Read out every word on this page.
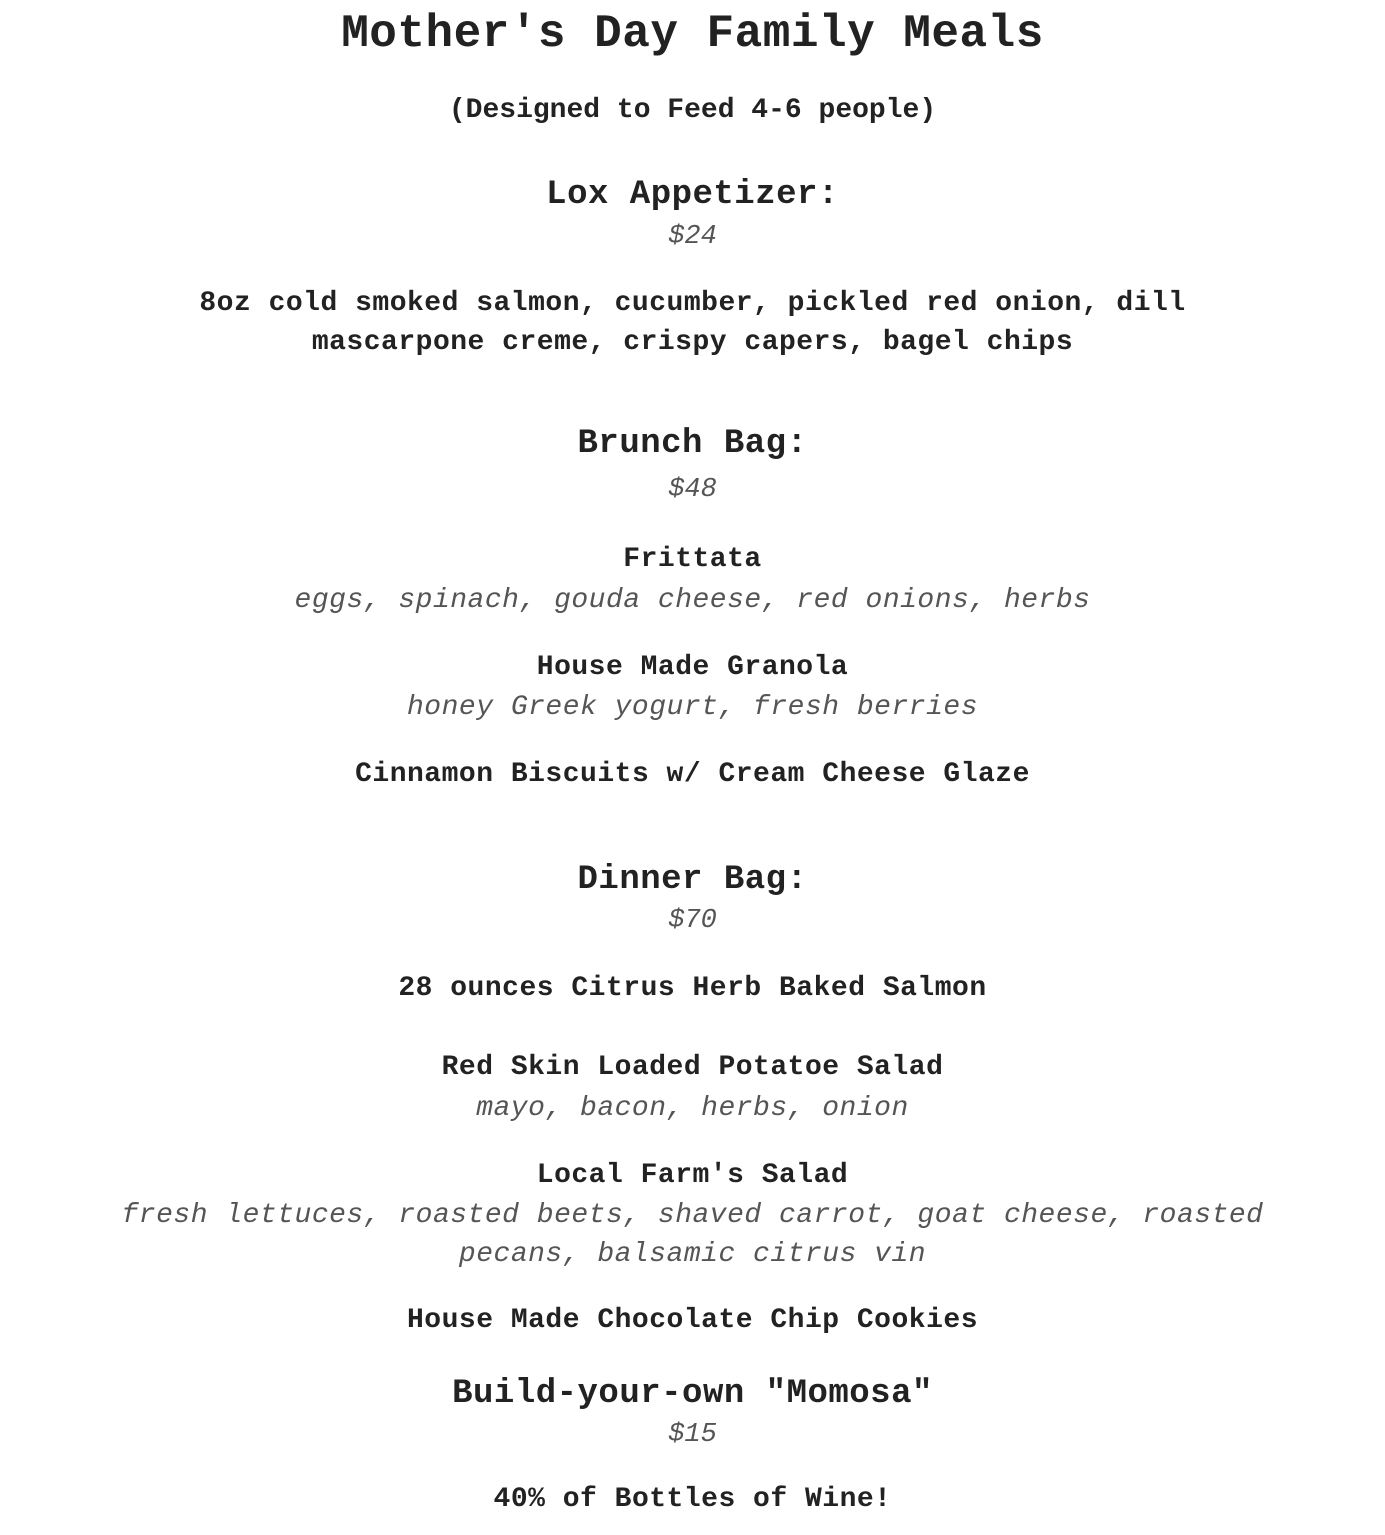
Mother's Day Family Meals

(Designed to Feed 4-6 people)

Lox Appetizer:

$24

8oz cold smoked salmon, cucumber, pickled red onion, dill

mascarpone creme, crispy capers, bagel chips

Brunch Bag:

$48

Frittata

eggs, spinach, gouda cheese, red onions, herbs

House Made Granola

honey Greek yogurt, fresh berries

Cinnamon Biscuits w/ Cream Cheese Glaze

Dinner Bag:

$70

28 ounces Citrus Herb Baked Salmon

Red Skin Loaded Potatoe Salad

mayo, bacon, herbs, onion

Local Farm's Salad

fresh lettuces, roasted beets, shaved carrot, goat cheese, roasted

pecans, balsamic citrus vin

House Made Chocolate Chip Cookies

Build-your-own "Momosa"

$15

40% of Bottles of Wine!
